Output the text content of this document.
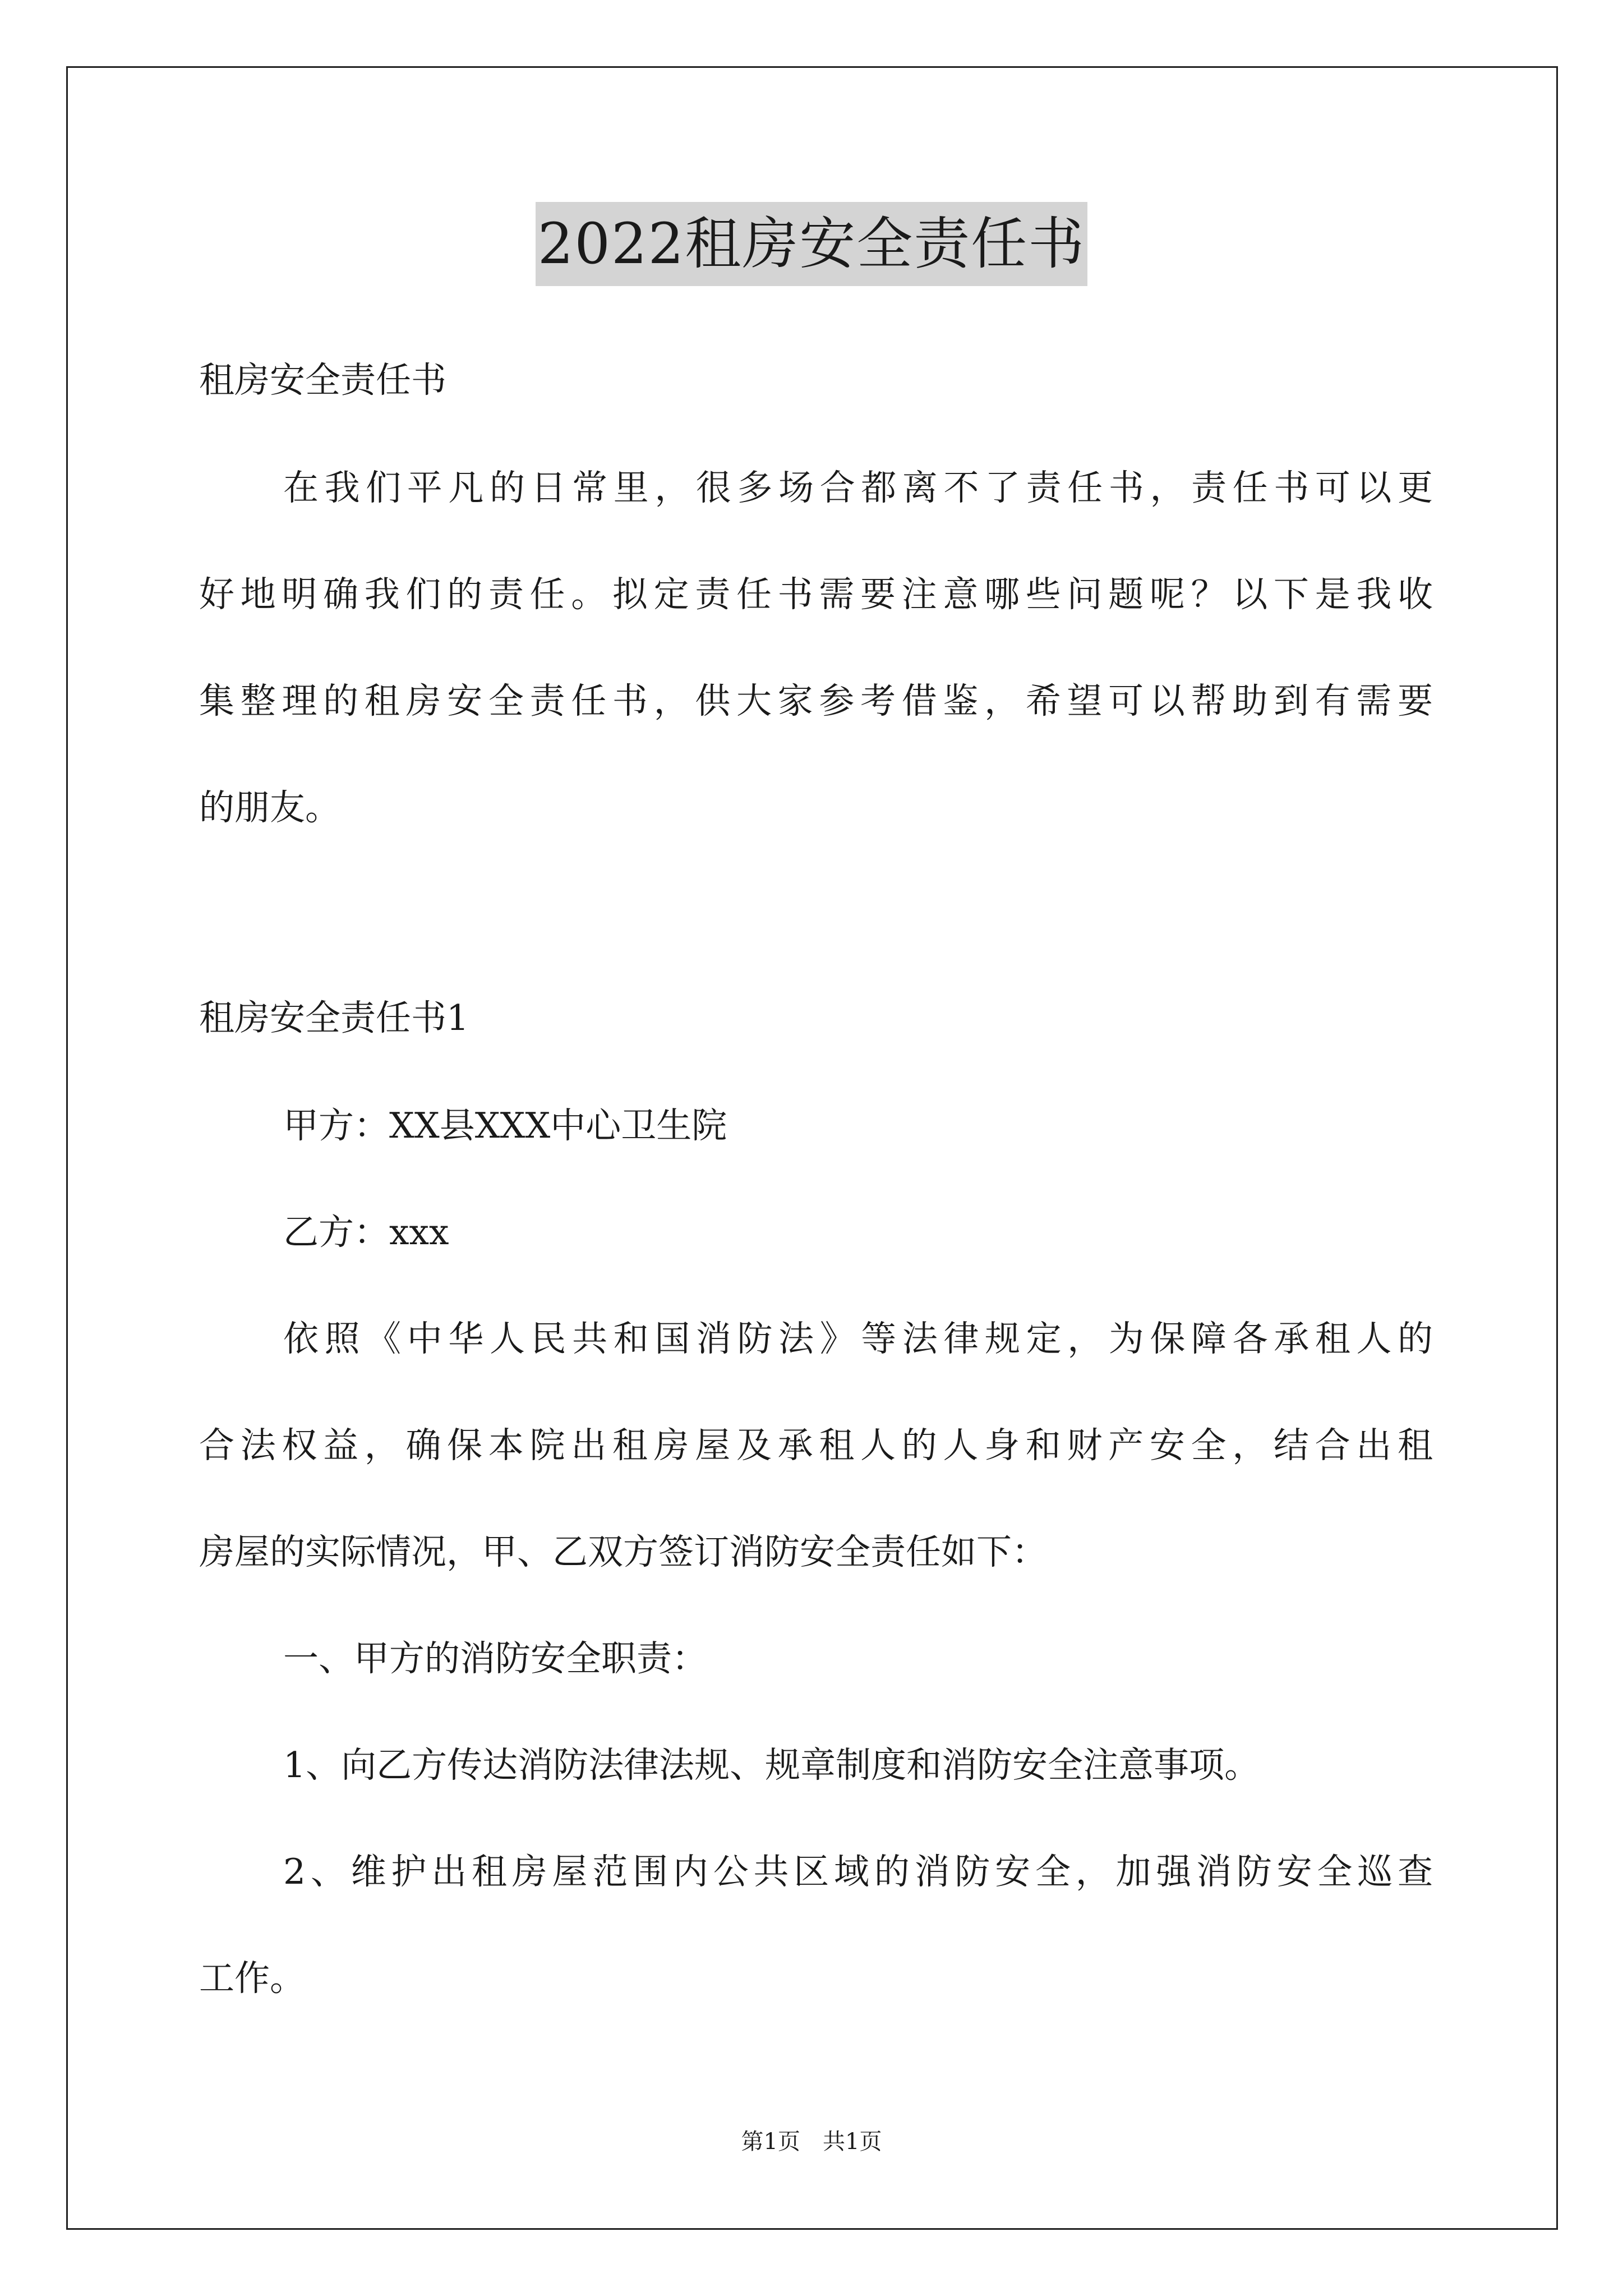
2022租房安全责任书
租房安全责任书
在我们平凡的日常里，很多场合都离不了责任书，责任书可以更
好地明确我们的责任。拟定责任书需要注意哪些问题呢？以下是我收
集整理的租房安全责任书，供大家参考借鉴，希望可以帮助到有需要
的朋友。
租房安全责任书1
甲方：XX县XXX中心卫生院
乙方：xxx
依照《中华人民共和国消防法》等法律规定，为保障各承租人的
合法权益，确保本院出租房屋及承租人的人身和财产安全，结合出租
房屋的实际情况，甲、乙双方签订消防安全责任如下：
一、甲方的消防安全职责：
1、向乙方传达消防法律法规、规章制度和消防安全注意事项。
2、维护出租房屋范围内公共区域的消防安全，加强消防安全巡查
工作。
第1页　共1页
